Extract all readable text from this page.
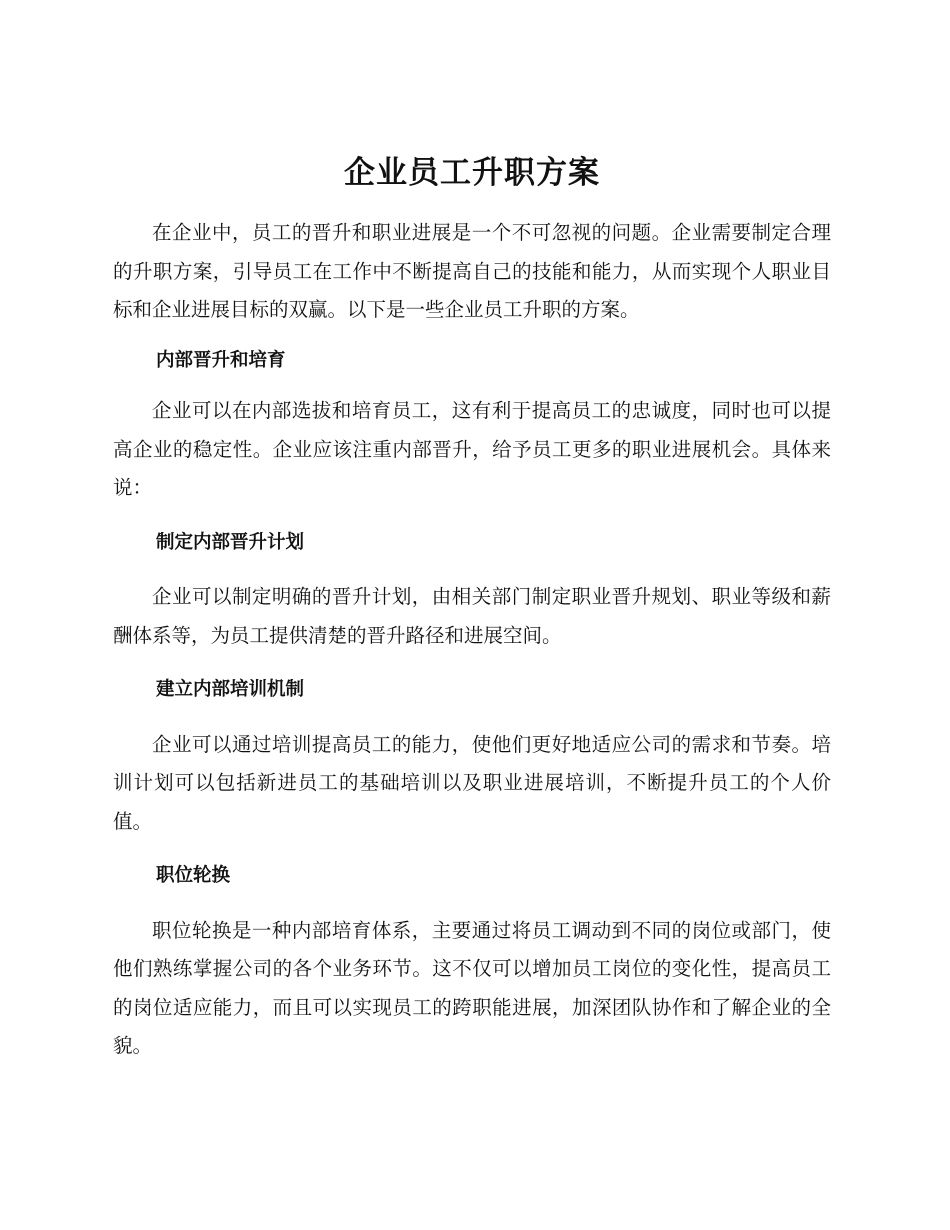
企业员工升职方案

在企业中，员工的晋升和职业进展是一个不可忽视的问题。企业需要制定合理的升职方案，引导员工在工作中不断提高自己的技能和能力，从而实现个人职业目标和企业进展目标的双赢。以下是一些企业员工升职的方案。

内部晋升和培育

企业可以在内部选拔和培育员工，这有利于提高员工的忠诚度，同时也可以提高企业的稳定性。企业应该注重内部晋升，给予员工更多的职业进展机会。具体来说：

制定内部晋升计划

企业可以制定明确的晋升计划，由相关部门制定职业晋升规划、职业等级和薪酬体系等，为员工提供清楚的晋升路径和进展空间。

建立内部培训机制

企业可以通过培训提高员工的能力，使他们更好地适应公司的需求和节奏。培训计划可以包括新进员工的基础培训以及职业进展培训，不断提升员工的个人价值。

职位轮换

职位轮换是一种内部培育体系，主要通过将员工调动到不同的岗位或部门，使他们熟练掌握公司的各个业务环节。这不仅可以增加员工岗位的变化性，提高员工的岗位适应能力，而且可以实现员工的跨职能进展，加深团队协作和了解企业的全貌。
